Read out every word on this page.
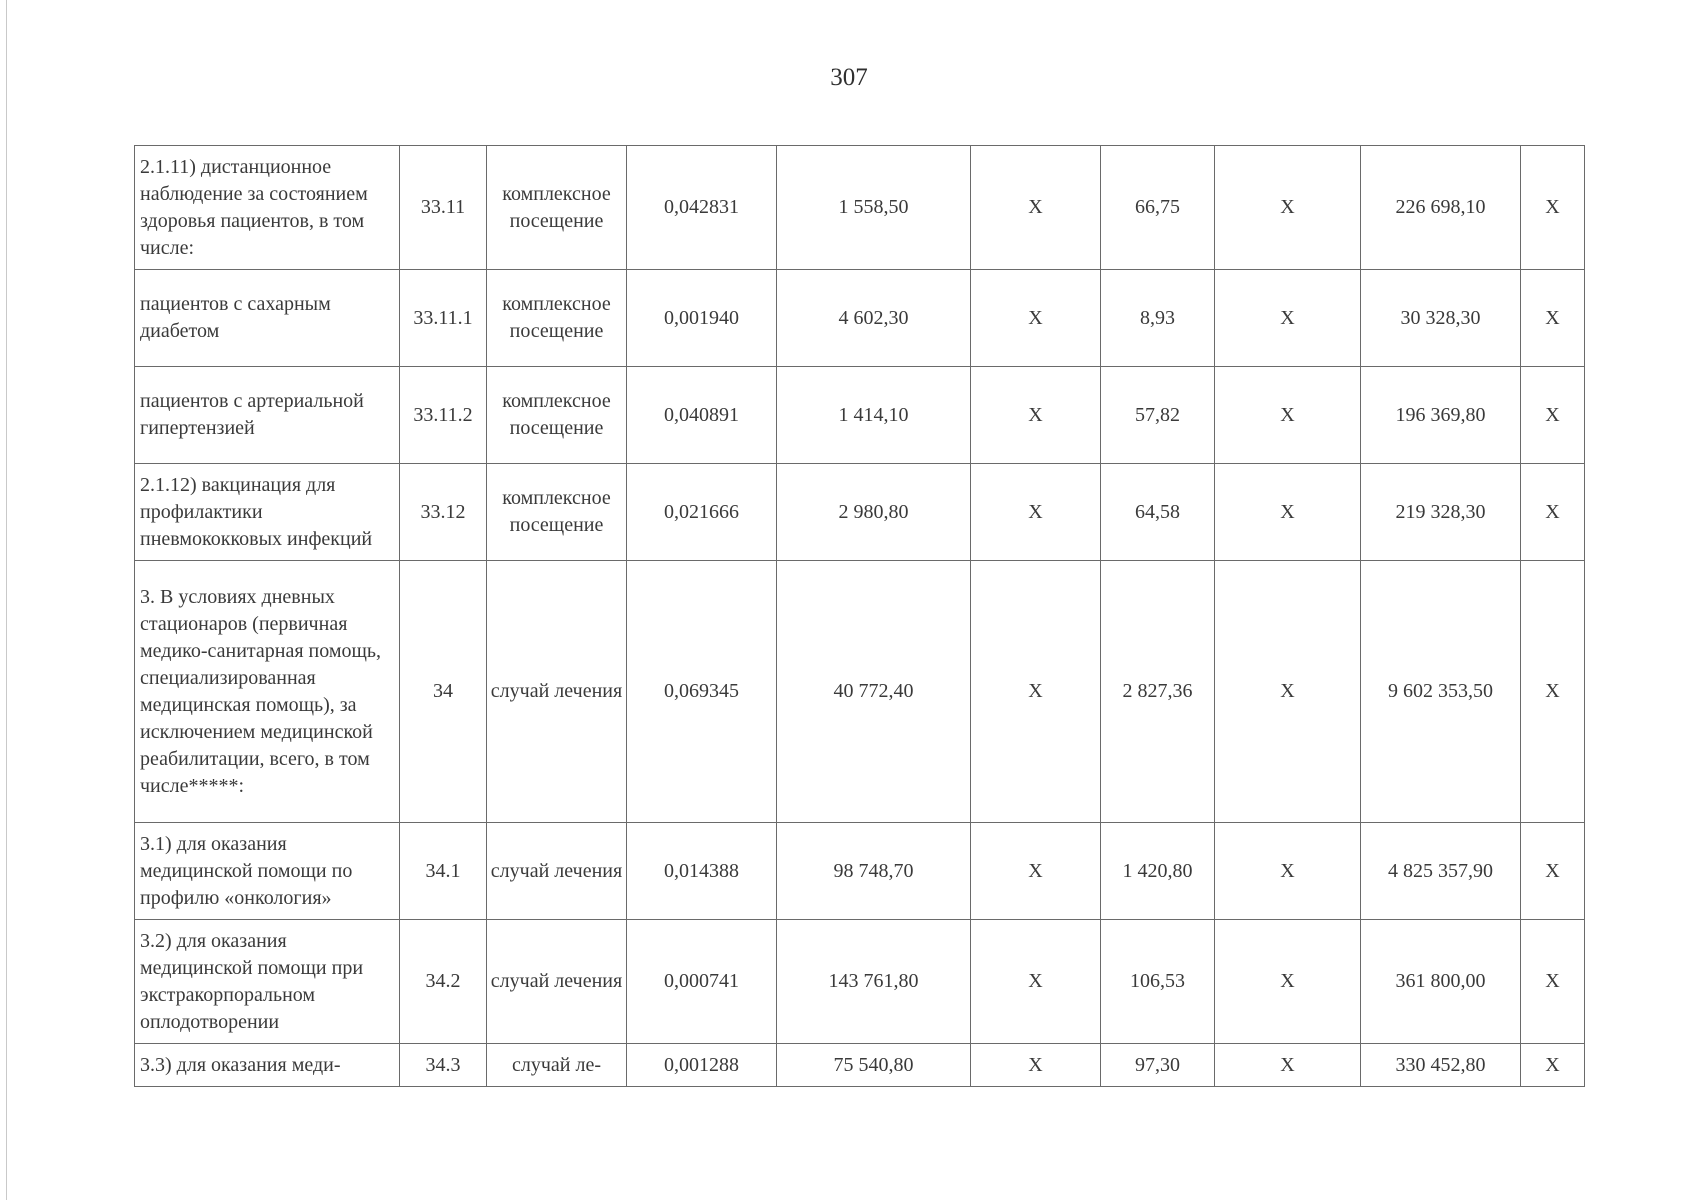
307
2.1.11) дистанционное наблюдение за состоянием здоровья пациентов, в том числе:	33.11	комплексное посещение	0,042831	1 558,50	X	66,75	X	226 698,10	X
пациентов с сахарным диабетом	33.11.1	комплексное посещение	0,001940	4 602,30	X	8,93	X	30 328,30	X
пациентов с артериальной гипертензией	33.11.2	комплексное посещение	0,040891	1 414,10	X	57,82	X	196 369,80	X
2.1.12) вакцинация для профилактики пневмококковых инфекций	33.12	комплексное посещение	0,021666	2 980,80	X	64,58	X	219 328,30	X
3. В условиях дневных стационаров (первичная медико-санитарная помощь, специализированная медицинская помощь), за исключением медицинской реабилитации, всего, в том числе*****:	34	случай лечения	0,069345	40 772,40	X	2 827,36	X	9 602 353,50	X
3.1) для оказания медицинской помощи по профилю «онкология»	34.1	случай лечения	0,014388	98 748,70	X	1 420,80	X	4 825 357,90	X
3.2) для оказания медицинской помощи при экстракорпоральном оплодотворении	34.2	случай лечения	0,000741	143 761,80	X	106,53	X	361 800,00	X
3.3) для оказания меди-	34.3	случай ле-	0,001288	75 540,80	X	97,30	X	330 452,80	X
